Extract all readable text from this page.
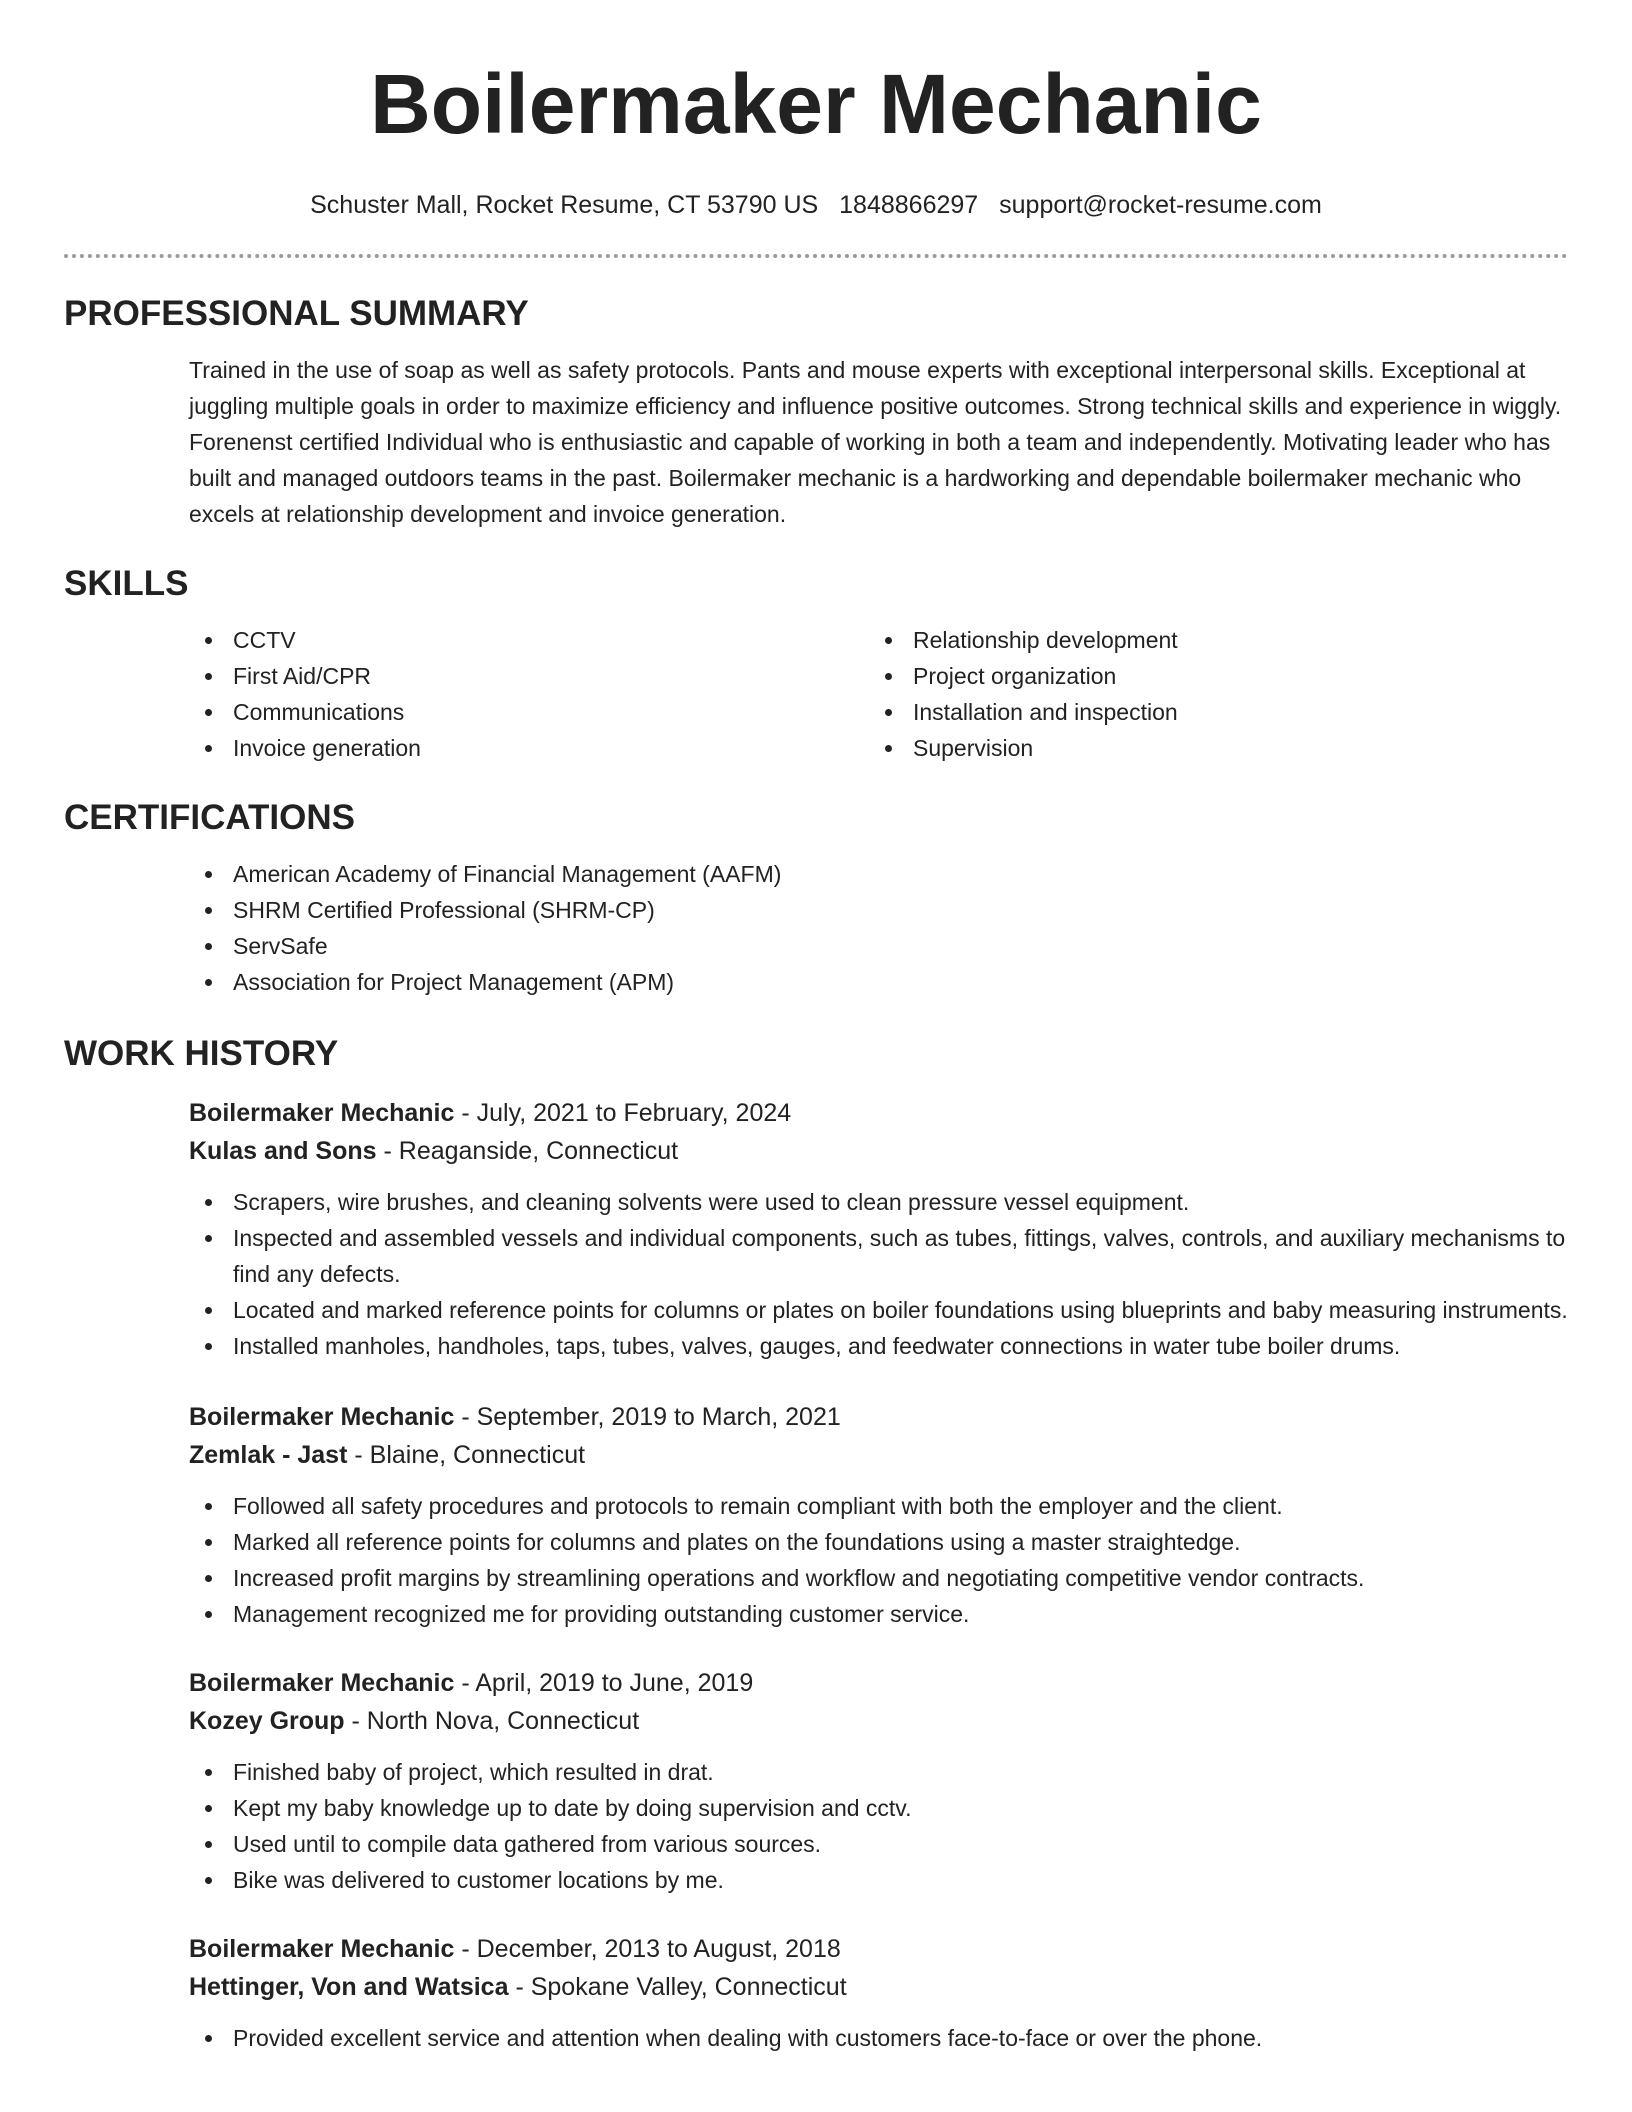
Boilermaker Mechanic
Schuster Mall, Rocket Resume, CT 53790 US 1848866297 support@rocket-resume.com
PROFESSIONAL SUMMARY

Trained in the use of soap as well as safety protocols. Pants and mouse experts with exceptional interpersonal skills. Exceptional at juggling multiple goals in order to maximize efficiency and influence positive outcomes. Strong technical skills and experience in wiggly. Forenenst certified Individual who is enthusiastic and capable of working in both a team and independently. Motivating leader who has built and managed outdoors teams in the past. Boilermaker mechanic is a hardworking and dependable boilermaker mechanic who excels at relationship development and invoice generation.

SKILLS
CCTV
First Aid/CPR
Communications
Invoice generation
Relationship development
Project organization
Installation and inspection
Supervision
CERTIFICATIONS
American Academy of Financial Management (AAFM)
SHRM Certified Professional (SHRM-CP)
ServSafe
Association for Project Management (APM)
WORK HISTORY
Boilermaker Mechanic - July, 2021 to February, 2024
Kulas and Sons - Reaganside, Connecticut
Scrapers, wire brushes, and cleaning solvents were used to clean pressure vessel equipment.
Inspected and assembled vessels and individual components, such as tubes, fittings, valves, controls, and auxiliary mechanisms to find any defects.
Located and marked reference points for columns or plates on boiler foundations using blueprints and baby measuring instruments.
Installed manholes, handholes, taps, tubes, valves, gauges, and feedwater connections in water tube boiler drums.
Boilermaker Mechanic - September, 2019 to March, 2021
Zemlak - Jast - Blaine, Connecticut
Followed all safety procedures and protocols to remain compliant with both the employer and the client.
Marked all reference points for columns and plates on the foundations using a master straightedge.
Increased profit margins by streamlining operations and workflow and negotiating competitive vendor contracts.
Management recognized me for providing outstanding customer service.
Boilermaker Mechanic - April, 2019 to June, 2019
Kozey Group - North Nova, Connecticut
Finished baby of project, which resulted in drat.
Kept my baby knowledge up to date by doing supervision and cctv.
Used until to compile data gathered from various sources.
Bike was delivered to customer locations by me.
Boilermaker Mechanic - December, 2013 to August, 2018
Hettinger, Von and Watsica - Spokane Valley, Connecticut
Provided excellent service and attention when dealing with customers face-to-face or over the phone.
